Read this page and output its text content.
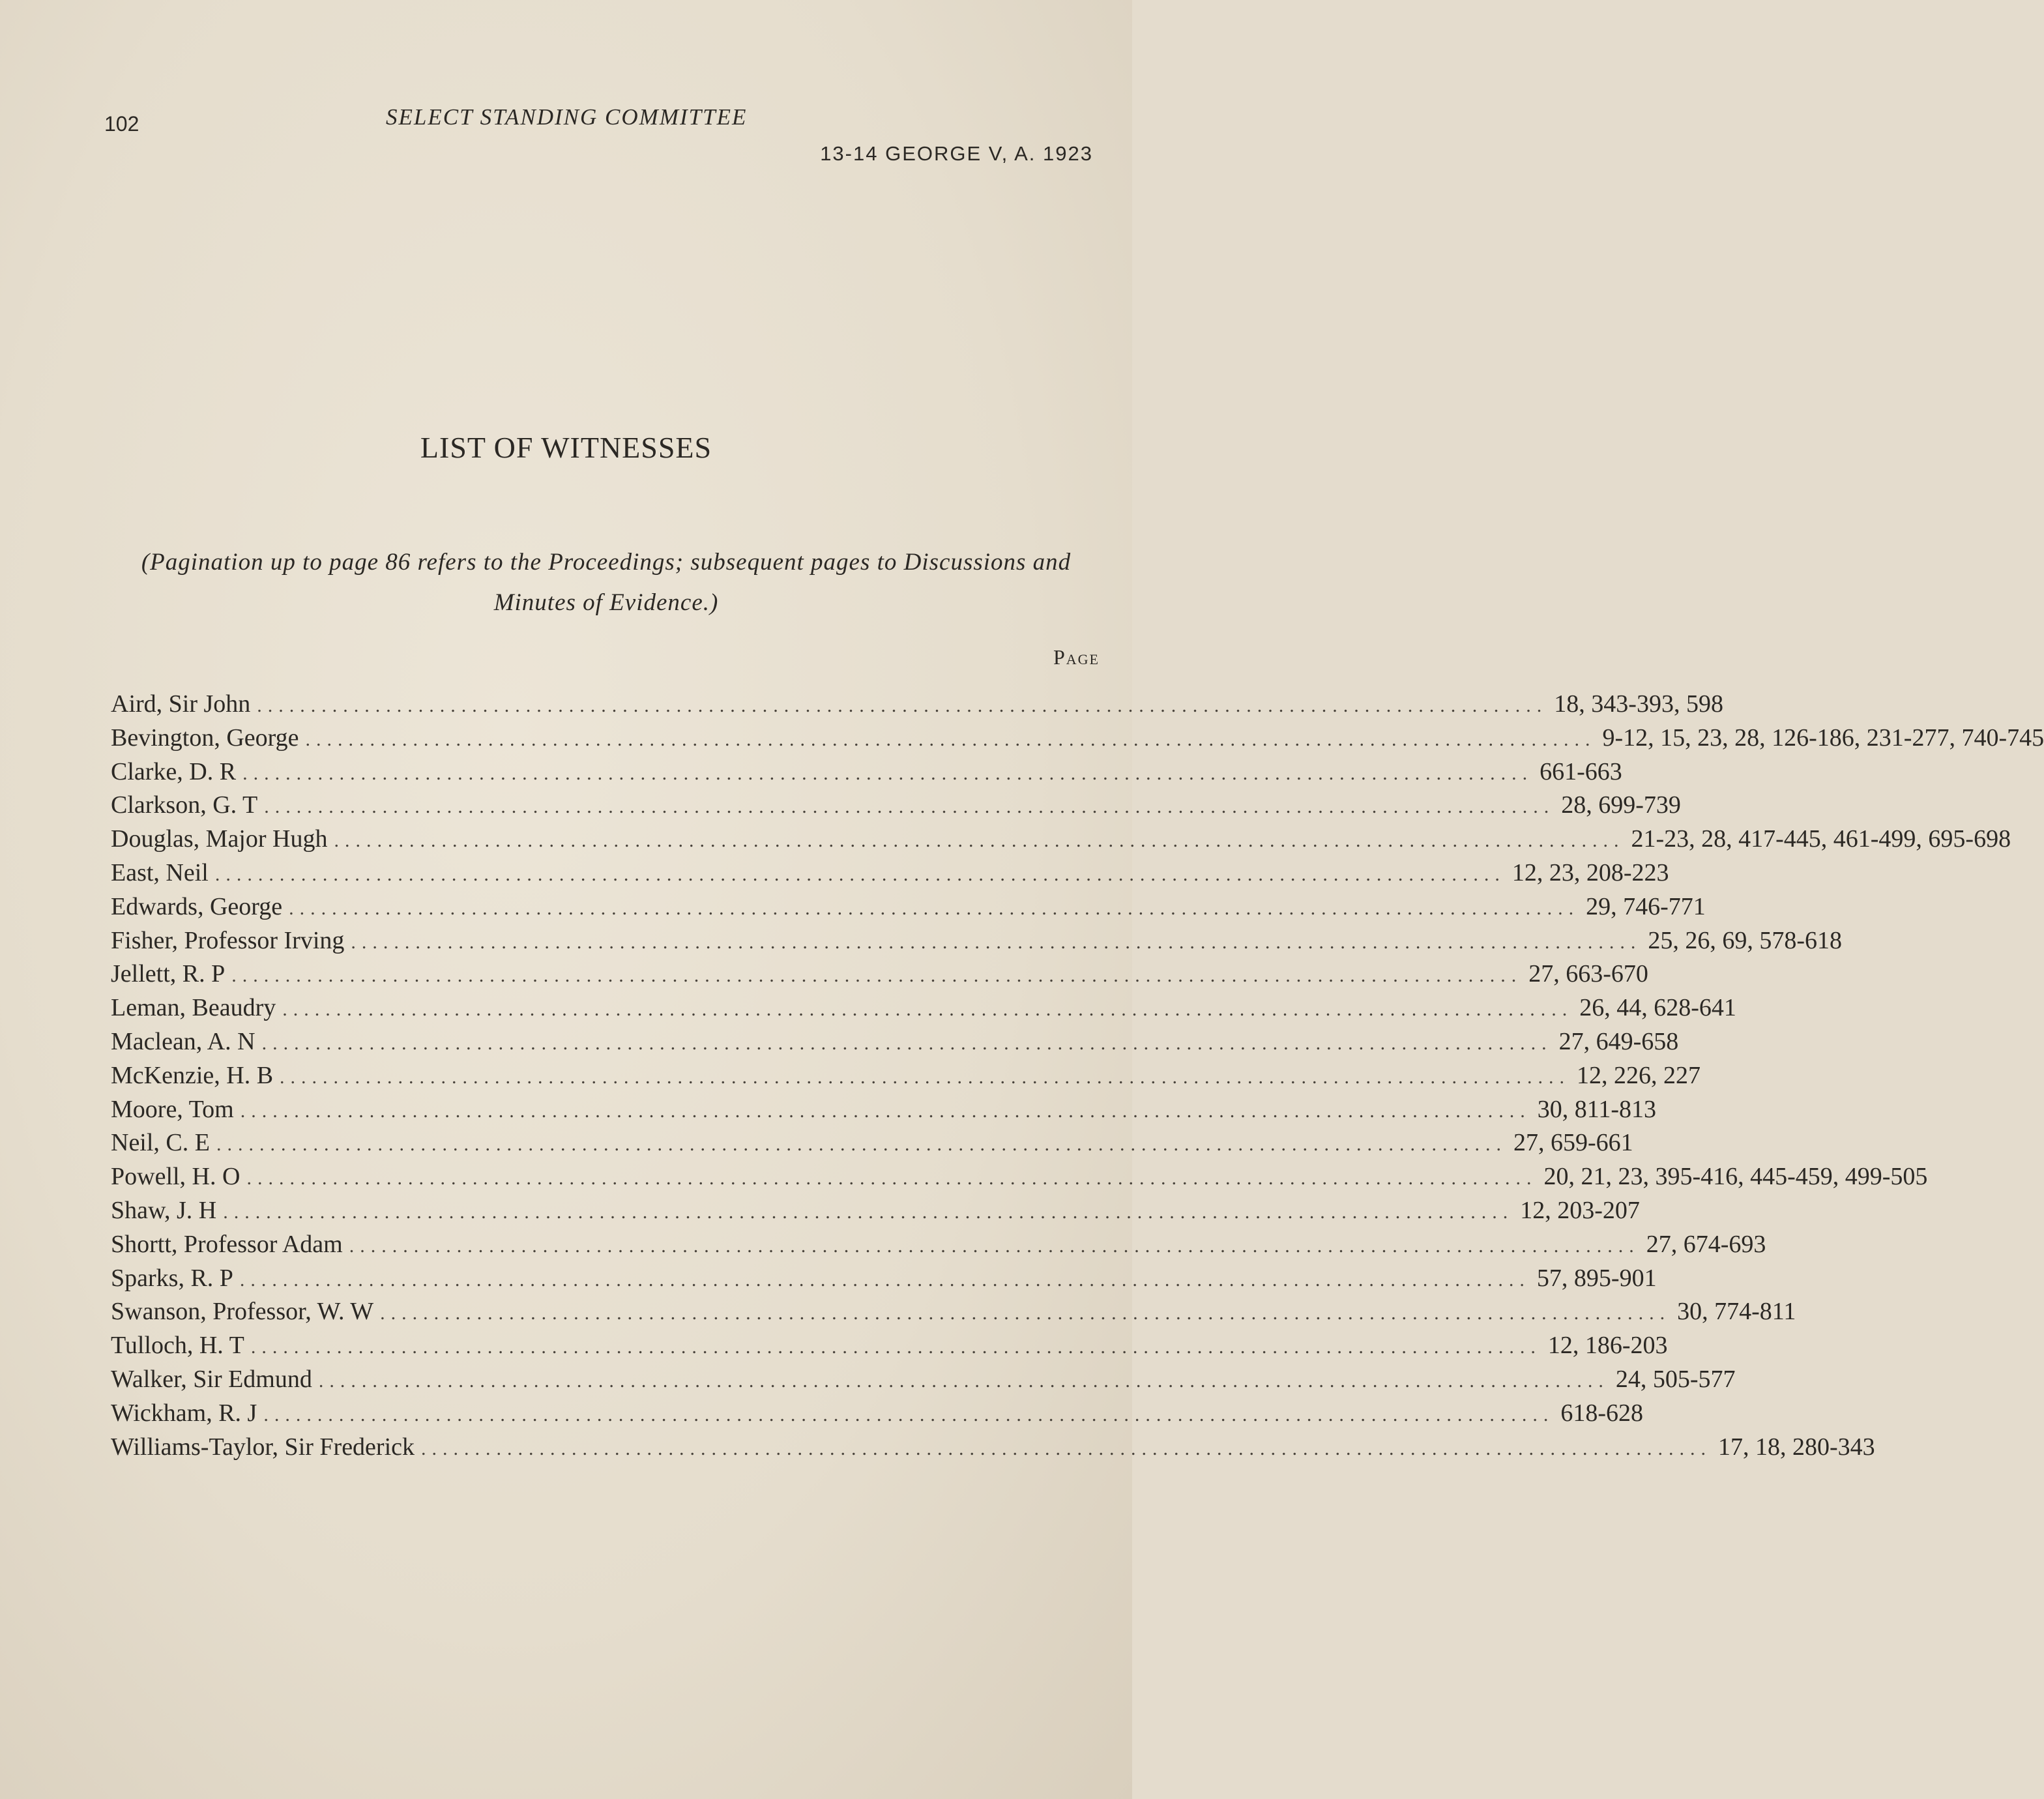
102	SELECT STANDING COMMITTEE
13-14 GEORGE V, A. 1923
LIST OF WITNESSES
(Pagination up to page 86 refers to the Proceedings; subsequent pages to Discussions and Minutes of Evidence.)
Page
Aird, Sir John ........................................................................................................................ 18, 343-393, 598
Bevington, George ........................................................................................................................ 9-12, 15, 23, 28, 126-186, 231-277, 740-745
Clarke, D. R ........................................................................................................................ 661-663
Clarkson, G. T ........................................................................................................................ 28, 699-739
Douglas, Major Hugh ........................................................................................................................ 21-23, 28, 417-445, 461-499, 695-698
East, Neil ........................................................................................................................ 12, 23, 208-223
Edwards, George ........................................................................................................................ 29, 746-771
Fisher, Professor Irving ........................................................................................................................ 25, 26, 69, 578-618
Jellett, R. P ........................................................................................................................ 27, 663-670
Leman, Beaudry ........................................................................................................................ 26, 44, 628-641
Maclean, A. N ........................................................................................................................ 27, 649-658
McKenzie, H. B ........................................................................................................................ 12, 226, 227
Moore, Tom ........................................................................................................................ 30, 811-813
Neil, C. E ........................................................................................................................ 27, 659-661
Powell, H. O ........................................................................................................................ 20, 21, 23, 395-416, 445-459, 499-505
Shaw, J. H ........................................................................................................................ 12, 203-207
Shortt, Professor Adam ........................................................................................................................ 27, 674-693
Sparks, R. P ........................................................................................................................ 57, 895-901
Swanson, Professor, W. W ........................................................................................................................ 30, 774-811
Tulloch, H. T ........................................................................................................................ 12, 186-203
Walker, Sir Edmund ........................................................................................................................ 24, 505-577
Wickham, R. J ........................................................................................................................ 618-628
Williams-Taylor, Sir Frederick ........................................................................................................................ 17, 18, 280-343
